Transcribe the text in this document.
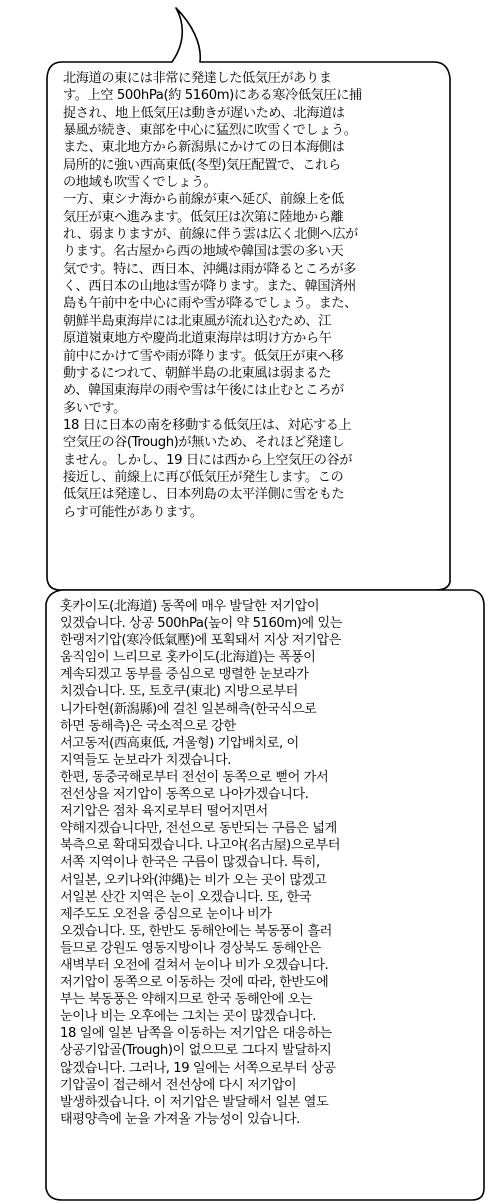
北海道の東には非常に発達した低気圧がありま
す。上空 500hPa(約 5160m)にある寒冷低気圧に捕
捉され、地上低気圧は動きが遅いため、北海道は
暴風が続き、東部を中心に猛烈に吹雪くでしょう。
また、東北地方から新潟県にかけての日本海側は
局所的に強い西高東低(冬型)気圧配置で、これら
の地域も吹雪くでしょう。
一方、東シナ海から前線が東へ延び、前線上を低
気圧が東へ進みます。低気圧は次第に陸地から離
れ、弱まりますが、前線に伴う雲は広く北側へ広が
ります。名古屋から西の地域や韓国は雲の多い天
気です。特に、西日本、沖縄は雨が降るところが多
く、西日本の山地は雪が降ります。また、韓国済州
島も午前中を中心に雨や雪が降るでしょう。また、
朝鮮半島東海岸には北東風が流れ込むため、江
原道嶺東地方や慶尚北道東海岸は明け方から午
前中にかけて雪や雨が降ります。低気圧が東へ移
動するにつれて、朝鮮半島の北東風は弱まるた
め、韓国東海岸の雨や雪は午後には止むところが
多いです。
18 日に日本の南を移動する低気圧は、対応する上
空気圧の谷(Trough)が無いため、それほど発達し
ません。しかし、19 日には西から上空気圧の谷が
接近し、前線上に再び低気圧が発生します。この
低気圧は発達し、日本列島の太平洋側に雪をもた
らす可能性があります。
홋카이도(北海道) 동쪽에 매우 발달한 저기압이
있겠습니다. 상공 500hPa(높이 약 5160m)에 있는
한랭저기압(寒冷低氣壓)에 포획돼서 지상 저기압은
움직임이 느리므로 홋카이도(北海道)는 폭풍이
계속되겠고 동부를 중심으로 맹렬한 눈보라가
치겠습니다. 또, 토호쿠(東北) 지방으로부터
니가타현(新潟縣)에 걸친 일본해측(한국식으로
하면 동해측)은 국소적으로 강한
서고동저(西高東低, 겨울형) 기압배치로, 이
지역들도 눈보라가 치겠습니다.
한편, 동중국해로부터 전선이 동쪽으로 뻗어 가서
전선상을 저기압이 동쪽으로 나아가겠습니다.
저기압은 점차 육지로부터 떨어지면서
약해지겠습니다만, 전선으로 동반되는 구름은 넓게
북측으로 확대되겠습니다. 나고야(名古屋)으로부터
서쪽 지역이나 한국은 구름이 많겠습니다. 특히,
서일본, 오키나와(沖縄)는 비가 오는 곳이 많겠고
서일본 산간 지역은 눈이 오겠습니다. 또, 한국
제주도도 오전을 중심으로 눈이나 비가
오겠습니다. 또, 한반도 동해안에는 북동풍이 흘러
들므로 강원도 영동지방이나 경상북도 동해안은
새벽부터 오전에 걸쳐서 눈이나 비가 오겠습니다.
저기압이 동쪽으로 이동하는 것에 따라, 한반도에
부는 북동풍은 약해지므로 한국 동해안에 오는
눈이나 비는 오후에는 그치는 곳이 많겠습니다.
18 일에 일본 남쪽을 이동하는 저기압은 대응하는
상공기압골(Trough)이 없으므로 그다지 발달하지
않겠습니다. 그러나, 19 일에는 서쪽으로부터 상공
기압골이 접근해서 전선상에 다시 저기압이
발생하겠습니다. 이 저기압은 발달해서 일본 열도
태평양측에 눈을 가져올 가능성이 있습니다.
